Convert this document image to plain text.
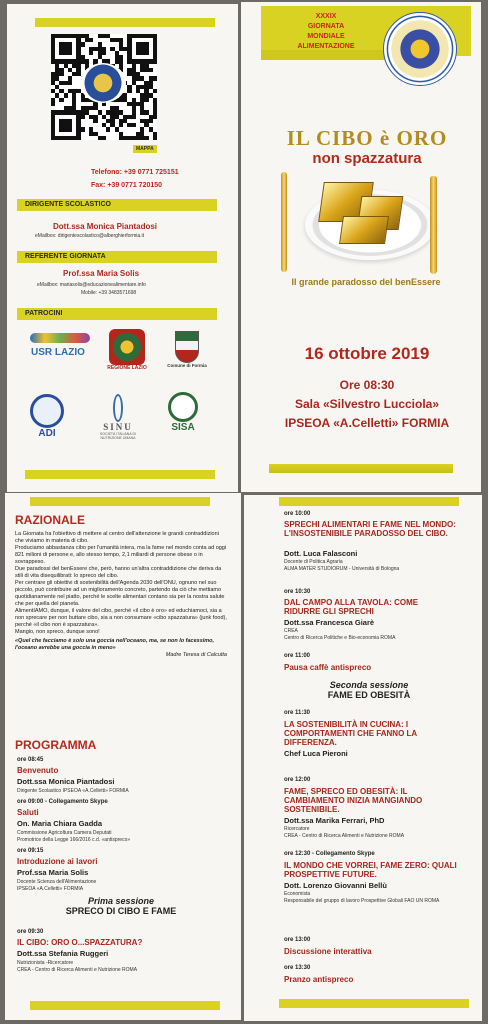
MAPPA
Telefono: +39 0771 725151
Fax: +39 0771 720150
DIRIGENTE SCOLASTICO
Dott.ssa Monica Piantadosi
eMailbox: dirigentescolastico@alberghierformia.it
REFERENTE GIORNATA
Prof.ssa Maria Solis
eMailbox: mariasolis@educazionealimentare.info
Mobile: +39 3483571698
PATROCINI
USR LAZIO
REGIONE LAZIO	Comune di Formia
ADI
SINU
SOCIETÀ ITALIANA DI NUTRIZIONE UMANA
SISA
XXXIX
GIORNATA
MONDIALE
ALIMENTAZIONE
IL CIBO è ORO
non spazzatura
Il grande paradosso del benEssere
16 ottobre 2019
Ore 08:30
Sala «Silvestro Lucciola»
IPSEOA «A.Celletti» FORMIA
RAZIONALE

La Giornata ha l'obiettivo di mettere al centro dell'attenzione le grandi contraddizioni che viviamo in materia di cibo.

Produciamo abbastanza cibo per l'umanità intera, ma la fame nel mondo conta ad oggi 821 milioni di persone e, allo stesso tempo, 2,1 miliardi di persone obese o in sovrappeso.

Due paradossi del benEssere che, però, hanno un'altra contraddizione che deriva da stili di vita disequilibrati: lo spreco del cibo.

Per centrare gli obiettivi di sostenibilità dell'Agenda 2030 dell'ONU, ognuno nel suo piccolo, può contribuire ad un miglioramento concreto, partendo da ciò che mettiamo quotidianamente nel piatto, perché le scelte alimentari contano sia per la nostra salute che per quella del pianeta.

AlimentIAMO, dunque, il valore del cibo, perché «il cibo è oro» ed educhiamoci, sia a non sprecare per non buttare cibo, sia a non consumare «cibo spazzatura» (junk food), perché «il cibo non è spazzatura».

Mangio, non spreco, dunque sono!

«Quel che facciamo è solo una goccia nell'oceano, ma, se non lo facessimo, l'oceano avrebbe una goccia in meno»

Madre Teresa di Calcutta

PROGRAMMA
ore 08:45
Benvenuto
Dott.ssa Monica Piantadosi
Dirigente Scolastico IPSEOA «A.Celletti» FORMIA
ore 09:00 - Collegamento Skype
Saluti
On. Maria Chiara Gadda
Commissione Agricoltura Camera Deputati
Promotrice della Legge 166/2016 c.d. «antispreco»
ore 09:15
Introduzione ai lavori
Prof.ssa Maria Solis
Docente Scienza dell'Alimentazione
IPSEOA «A.Celletti» FORMIA
Prima sessione
SPRECO DI CIBO E FAME
ore 09:30
IL CIBO: ORO O...SPAZZATURA?
Dott.ssa Stefania Ruggeri
Nutrizionista -Ricercatore
CREA - Centro di Ricerca Alimenti e Nutrizione ROMA
ore 10:00
SPRECHI ALIMENTARI E FAME NEL MONDO: L'INSOSTENIBILE PARADOSSO DEL CIBO.
Dott. Luca Falasconi
Docente di Politica Agraria
ALMA MATER STUDIORUM - Università di Bologna
ore 10:30
DAL CAMPO ALLA TAVOLA: COME RIDURRE GLI SPRECHI
Dott.ssa Francesca Giarè
CREA
Centro di Ricerca Politiche e Bio-economia ROMA
ore 11:00
Pausa caffè antispreco
Seconda sessione
FAME ED OBESITÀ
ore 11:30
LA SOSTENIBILITÀ IN CUCINA: I COMPORTAMENTI CHE FANNO LA DIFFERENZA.
Chef Luca Pieroni
ore 12:00
FAME, SPRECO ED OBESITÀ: IL CAMBIAMENTO INIZIA MANGIANDO SOSTENIBILE.
Dott.ssa Marika Ferrari, PhD
Ricercatore
CREA - Centro di Ricerca Alimenti e Nutrizione ROMA
ore 12:30 - Collegamento Skype
IL MONDO CHE VORREI, FAME ZERO: QUALI PROSPETTIVE FUTURE.
Dott. Lorenzo Giovanni Bellù
Economista
Responsabile del gruppo di lavoro Prospettive Globali FAO UN ROMA
ore 13:00
Discussione interattiva
ore 13:30
Pranzo antispreco
